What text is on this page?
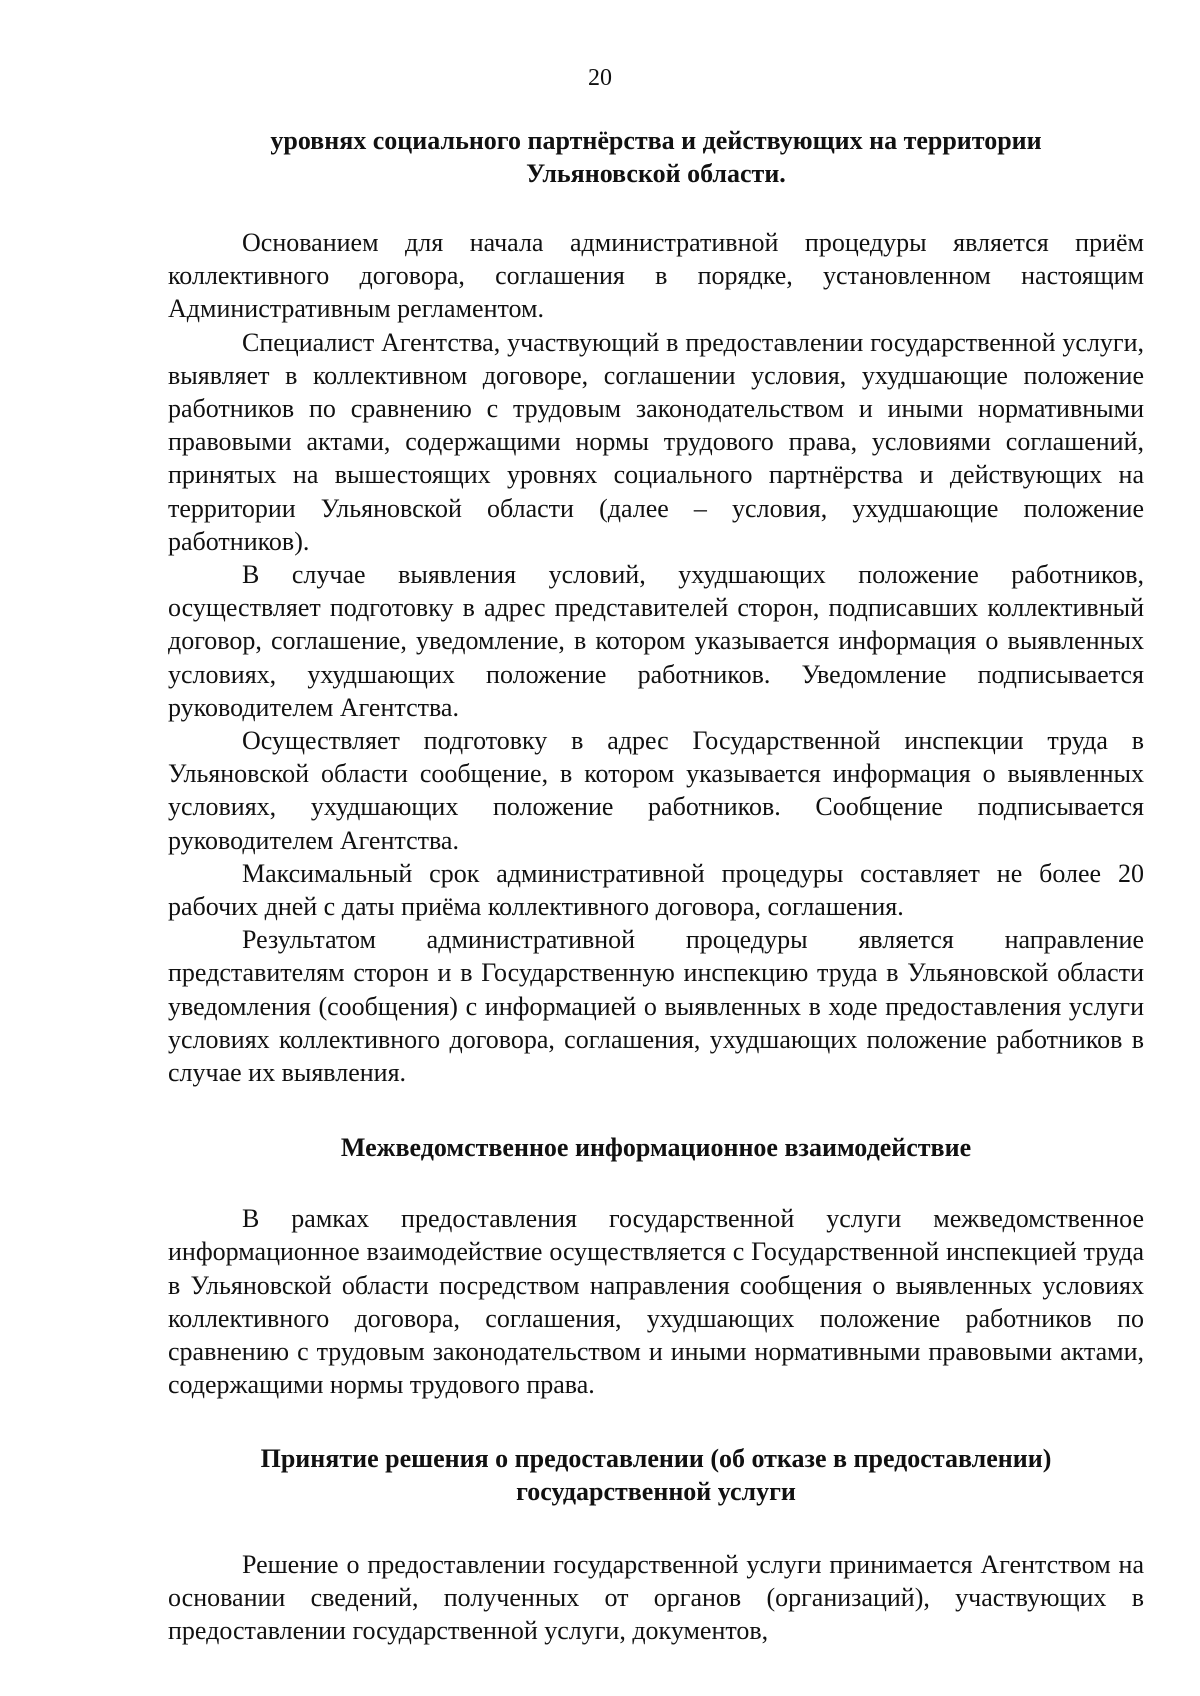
20
уровнях социального партнёрства и действующих на территории
Ульяновской области.

Основанием для начала административной процедуры является приём коллективного договора, соглашения в порядке, установленном настоящим Административным регламентом.

Специалист Агентства, участвующий в предоставлении государственной услуги, выявляет в коллективном договоре, соглашении условия, ухудшающие положение работников по сравнению с трудовым законодательством и иными нормативными правовыми актами, содержащими нормы трудового права, условиями соглашений, принятых на вышестоящих уровнях социального партнёрства и действующих на территории Ульяновской области (далее – условия, ухудшающие положение работников).

В случае выявления условий, ухудшающих положение работников, осуществляет подготовку в адрес представителей сторон, подписавших коллективный договор, соглашение, уведомление, в котором указывается информация о выявленных условиях, ухудшающих положение работников. Уведомление подписывается руководителем Агентства.

Осуществляет подготовку в адрес Государственной инспекции труда в Ульяновской области сообщение, в котором указывается информация о выявленных условиях, ухудшающих положение работников. Сообщение подписывается руководителем Агентства.

Максимальный срок административной процедуры составляет не более 20 рабочих дней с даты приёма коллективного договора, соглашения.

Результатом административной процедуры является направление представителям сторон и в Государственную инспекцию труда в Ульяновской области уведомления (сообщения) с информацией о выявленных в ходе предоставления услуги условиях коллективного договора, соглашения, ухудшающих положение работников в случае их выявления.

Межведомственное информационное взаимодействие

В рамках предоставления государственной услуги межведомственное информационное взаимодействие осуществляется с Государственной инспекцией труда в Ульяновской области посредством направления сообщения о выявленных условиях коллективного договора, соглашения, ухудшающих положение работников по сравнению с трудовым законодательством и иными нормативными правовыми актами, содержащими нормы трудового права.

Принятие решения о предоставлении (об отказе в предоставлении)
государственной услуги

Решение о предоставлении государственной услуги принимается Агентством на основании сведений, полученных от органов (организаций), участвующих в предоставлении государственной услуги, документов,
